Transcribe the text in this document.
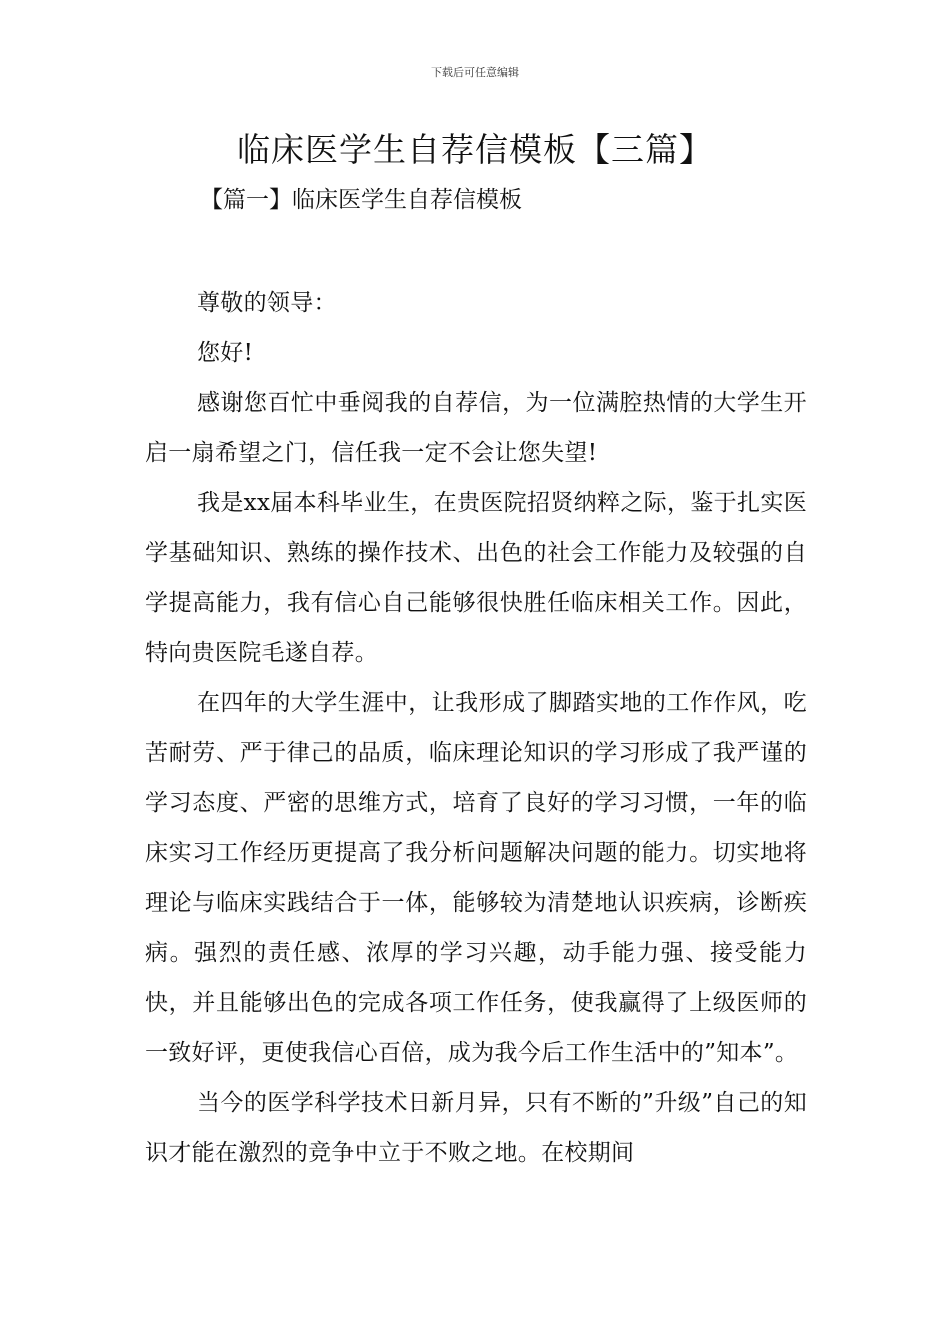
下载后可任意编辑
临床医学生自荐信模板【三篇】
【篇一】临床医学生自荐信模板

尊敬的领导：

您好!

感谢您百忙中垂阅我的自荐信，为一位满腔热情的大学生开启一扇希望之门，信任我一定不会让您失望!

我是xx届本科毕业生，在贵医院招贤纳粹之际，鉴于扎实医学基础知识、熟练的操作技术、出色的社会工作能力及较强的自学提高能力，我有信心自己能够很快胜任临床相关工作。因此，特向贵医院毛遂自荐。

在四年的大学生涯中，让我形成了脚踏实地的工作作风，吃苦耐劳、严于律己的品质，临床理论知识的学习形成了我严谨的学习态度、严密的思维方式，培育了良好的学习习惯，一年的临床实习工作经历更提高了我分析问题解决问题的能力。切实地将理论与临床实践结合于一体，能够较为清楚地认识疾病，诊断疾病。强烈的责任感、浓厚的学习兴趣，动手能力强、接受能力快，并且能够出色的完成各项工作任务，使我赢得了上级医师的一致好评，更使我信心百倍，成为我今后工作生活中的”知本”。

当今的医学科学技术日新月异，只有不断的”升级”自己的知识才能在激烈的竞争中立于不败之地。在校期间
